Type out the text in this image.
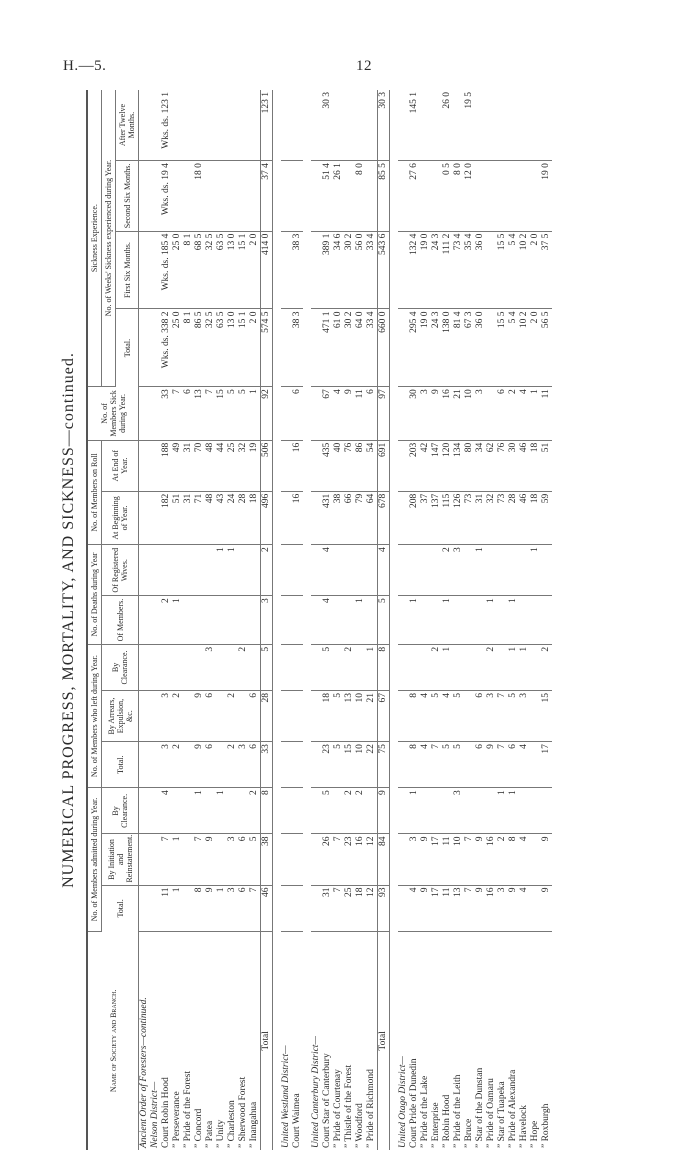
H.—5.	12
NUMERICAL PROGRESS, MORTALITY, AND SICKNESS—continued.
Name of Society and Branch.	No. of Members admitted during Year.			No. of Members who left during Year.			No. of Deaths during Year		No. of Members on Roll		No. of Members Sick during Year.	Sickness Experience.			
	Total.	By Initiation and Reinstatement.	By Clearance.	Total.	By Arrears, Expulsion, &c.	By Clearance.	Of Members.	Of Registered Wives.	At Beginning of Year.	At End of Year.		No. of Weeks' Sickness experienced during Year.			
												Total.	First Six Months.	Second Six Months.	After Twelve Months.
Ancient Order of Foresters—continued.															
Nelson District—															
Court Robin Hood	11	7	4	3	3		2		182	188	33	Wks. ds. 338 2	Wks. ds. 185 4	Wks. ds. 19 4	Wks. ds. 123 1
” Perseverance	1	1		2	2		1		51	49	7	25 0	25 0		
” Pride of the Forest									31	31	6	8 1	8 1		
” Concord	8	7	1	9	9				71	70	13	86 5	68 5	18 0	
” Patea	9	9		6	6	3			48	48	7	32 5	32 5		
” Unity	1		1					1	43	44	15	63 5	63 5		
” Charleston	3	3		2	2			1	24	25	5	13 0	13 0		
” Sherwood Forest	6	6		3		2			28	32	5	15 1	15 1		
” Inangahua	7	5	2	6	6				18	19	1	2 0	2 0		
Total	46	38	8	33	28	5	3	2	496	506	92	574 5	414 0	37 4	123 1

United Westland District—															
Court Waimea									16	16	6	38 3	38 3		

United Canterbury District—															
Court Star of Canterbury	31	26	5	23	18	5	4	4	431	435	67	471 1	389 1	51 4	30 3
” Pride of Courtenay	7	7		5	5				38	40	4	61 0	34 6	26 1	
” Thistle of the Forest	25	23	2	15	13	2			66	76	9	30 2	30 2		
” Woodford	18	16	2	10	10		1		79	86	11	64 0	56 0	8 0	
” Pride of Richmond	12	12		22	21	1			64	54	6	33 4	33 4		
Total	93	84	9	75	67	8	5	4	678	691	97	660 0	543 6	85 5	30 3

United Otago District—															
Court Pride of Dunedin	4	3	1	8	8		1		208	203	30	295 4	132 4	27 6	145 1
” Pride of the Lake	9	9		4	4				37	42	3	19 0	19 0		
” Enterprise	17	17		7	5	2			137	147	9	24 3	24 3		
” Robin Hood	11	11		5	4	1	1	2	115	120	16	138 0	111 2	0 5	26 0
” Pride of the Leith	13	10	3	5	5			3	126	134	21	81 4	73 4	8 0	
” Bruce	7	7							73	80	10	67 3	35 4	12 0	19 5
” Star of the Dunstan	9	9		6	6			1	31	34	3	36 0	36 0		
” Pride of Oamaru	16	16		9	3	2	1		32	62					
” Star of Tuapeka	3	2	1	7	7				73	76	6	15 5	15 5		
” Pride of Alexandra	9	8	1	6	5	1	1		28	30	2	5 4	5 4		
” Havelock	4	4		4	3	1			46	46	4	10 2	10 2		
” Hope								1	18	18	1	2 0	2 0		
” Roxburgh	9	9		17	15	2			59	51	11	56 5	37 5	19 0	
